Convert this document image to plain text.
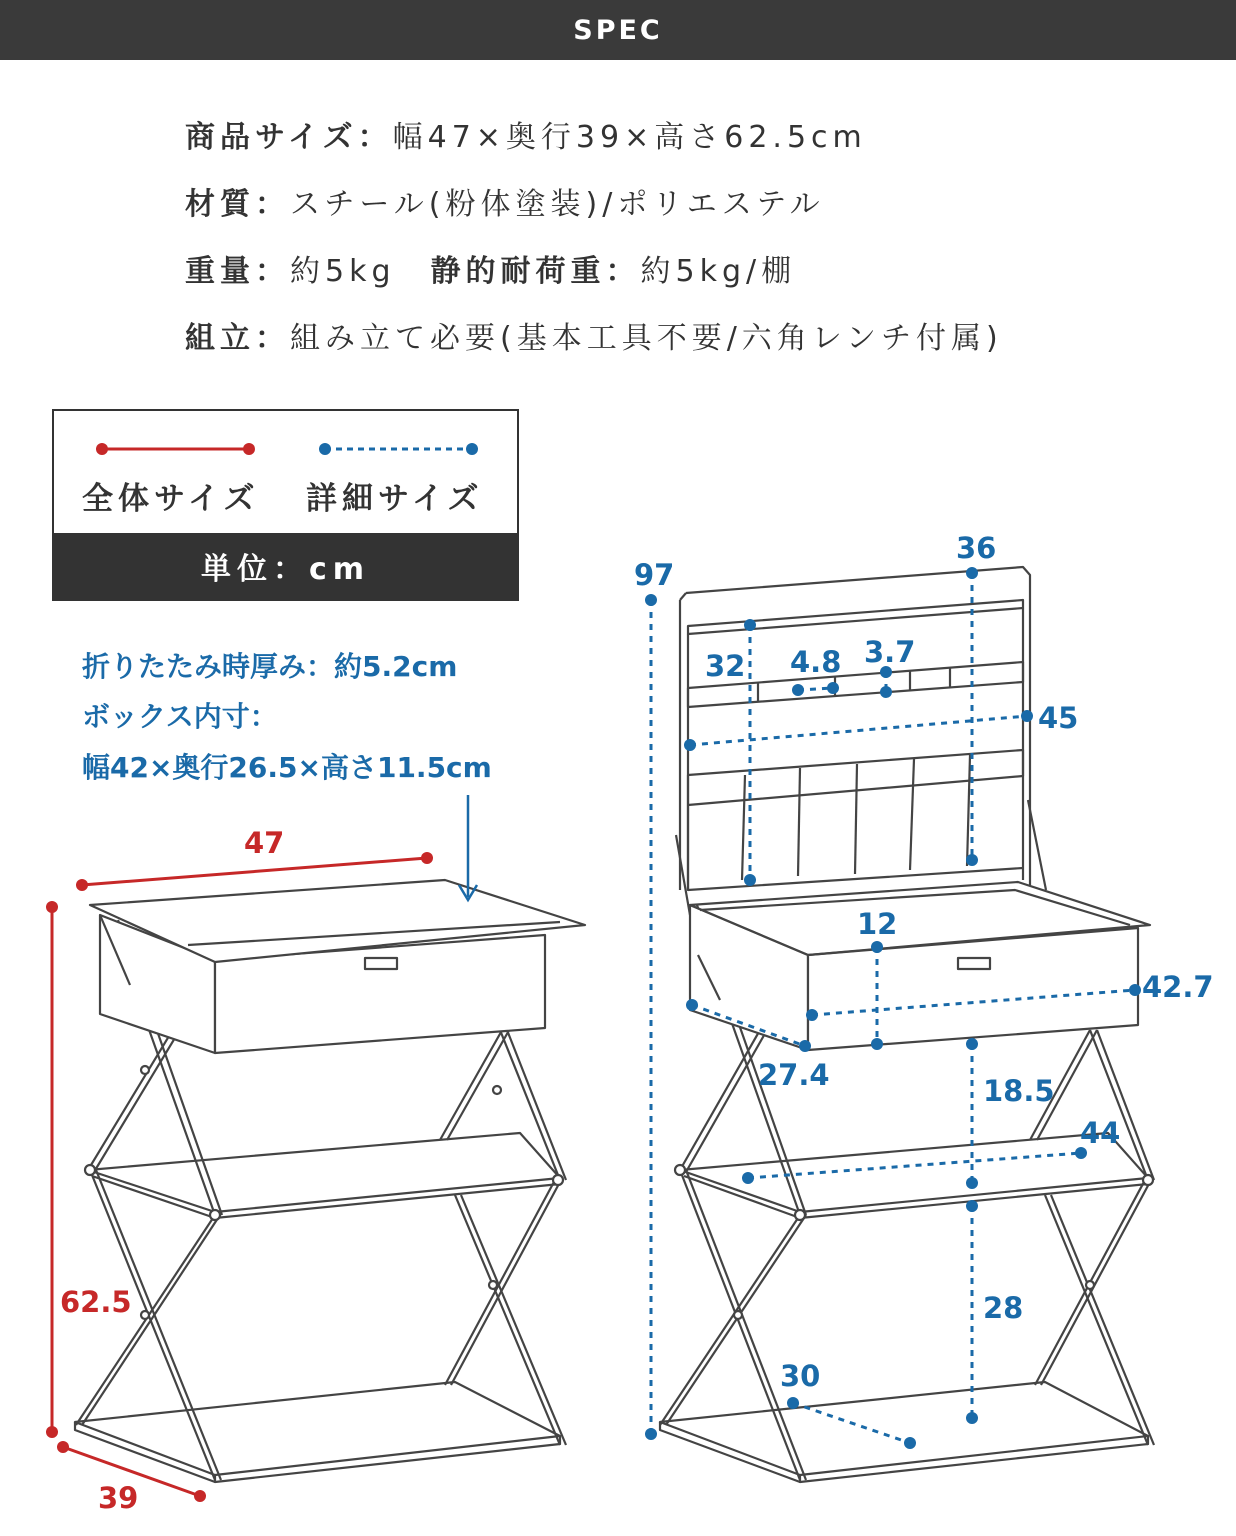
SPEC
商品サイズ：幅47×奥行39×高さ62.5cm
材質：スチール(粉体塗装)/ポリエステル
重量：約5kg　静的耐荷重：約5kg/棚
組立：組み立て必要(基本工具不要/六角レンチ付属)
全体サイズ 詳細サイズ
単位：cm
折りたたみ時厚み：約5.2cm
ボックス内寸：
幅42×奥行26.5×高さ11.5cm
47
62.5
39
97
36
32 4.8 3.7
45
12
42.7
27.4	18.5
44
28
30
